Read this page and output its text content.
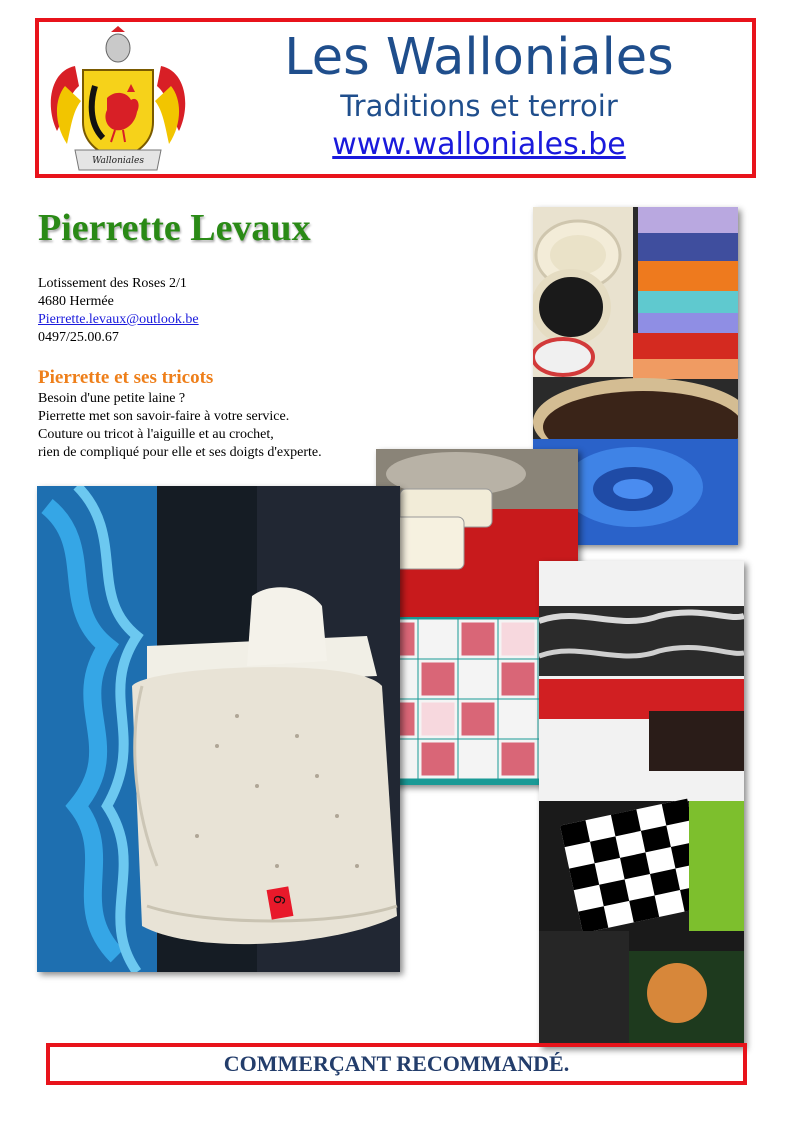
Walloniales
Les Walloniales
Traditions et terroir
www.walloniales.be
Pierrette Levaux
Lotissement des Roses 2/1
4680 Hermée
Pierrette.levaux@outlook.be
0497/25.00.67
Pierrette et ses tricots
Besoin d'une petite laine ?
Pierrette met son savoir-faire à votre service.
Couture ou tricot à l'aiguille et au crochet,
rien de compliqué pour elle et ses doigts d'experte.
9
COMMERÇANT RECOMMANDÉ.
